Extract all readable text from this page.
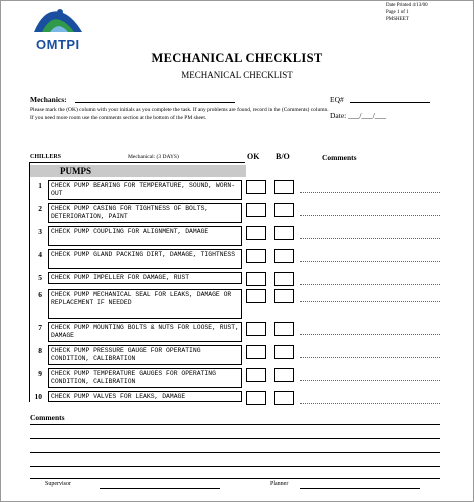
OMTPI
Date Printed 4/13/00
Page 1 of 1
PMSHEET
MECHANICAL CHECKLIST
MECHANICAL CHECKLIST
Mechanics:	EQ#
Date: ___/___/___
Please mark the (OK) column with your initials as you complete the task. If any problems are found, record in the (Comments) column. If you need more room use the comments section at the bottom of the PM sheet.
CHILLERS	Mechanical: (3 DAYS)	OK B/O	Comments
PUMPS
1	CHECK PUMP BEARING FOR TEMPERATURE, SOUND, WORN-OUT
2	CHECK PUMP CASING FOR TIGHTNESS OF BOLTS, DETERIORATION, PAINT
3	CHECK PUMP COUPLING FOR ALIGNMENT, DAMAGE
4	CHECK PUMP GLAND PACKING DIRT, DAMAGE, TIGHTNESS
5	CHECK PUMP IMPELLER FOR DAMAGE, RUST
6	CHECK PUMP MECHANICAL SEAL FOR LEAKS, DAMAGE OR REPLACEMENT IF NEEDED
7	CHECK PUMP MOUNTING BOLTS & NUTS FOR LOOSE, RUST, DAMAGE
8	CHECK PUMP PRESSURE GAUGE FOR OPERATING CONDITION, CALIBRATION
9	CHECK PUMP TEMPERATURE GAUGES FOR OPERATING CONDITION, CALIBRATION
10	CHECK PUMP VALVES FOR LEAKS, DAMAGE
Comments
Supervisor	Planner
